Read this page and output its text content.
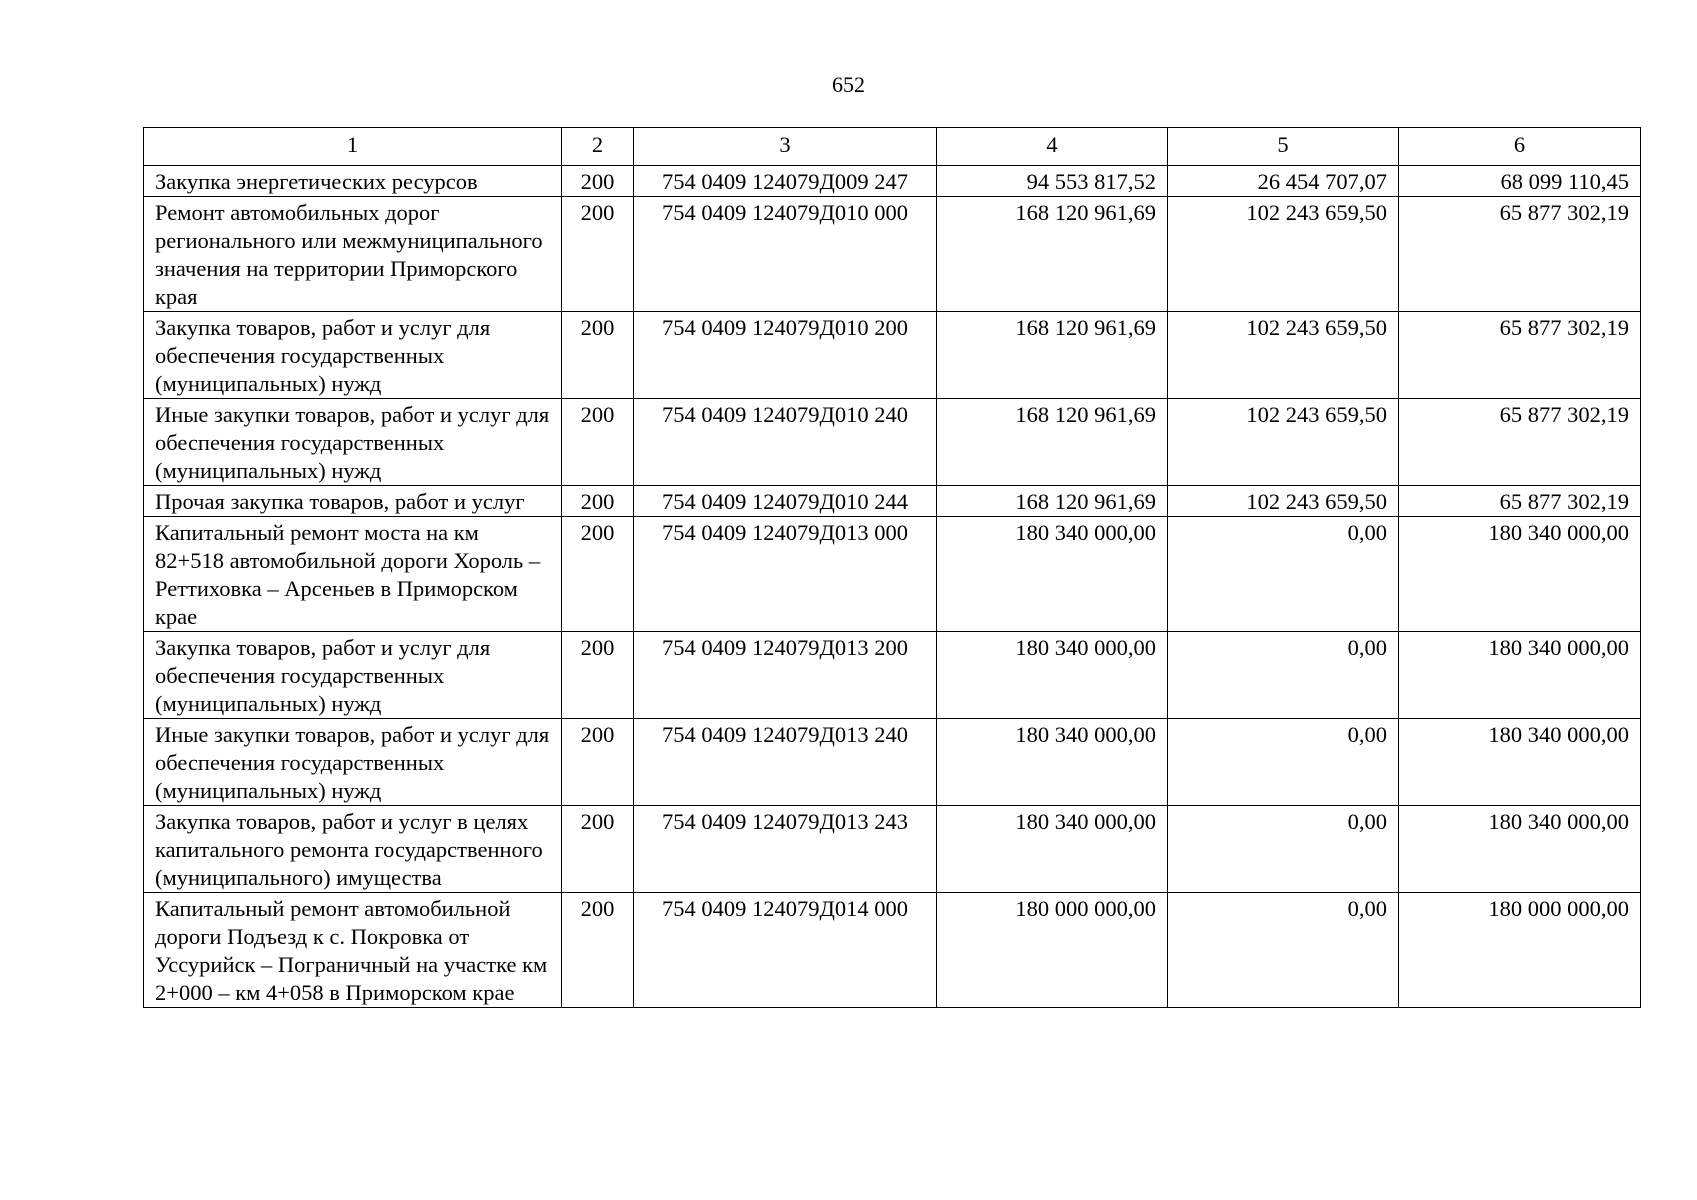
652
1	2	3	4	5	6
Закупка энергетических ресурсов	200	754 0409 124079Д009 247	94 553 817,52	26 454 707,07	68 099 110,45
Ремонт автомобильных дорог регионального или межмуниципального значения на территории Приморского края	200	754 0409 124079Д010 000	168 120 961,69	102 243 659,50	65 877 302,19
Закупка товаров, работ и услуг для обеспечения государственных (муниципальных) нужд	200	754 0409 124079Д010 200	168 120 961,69	102 243 659,50	65 877 302,19
Иные закупки товаров, работ и услуг для обеспечения государственных (муниципальных) нужд	200	754 0409 124079Д010 240	168 120 961,69	102 243 659,50	65 877 302,19
Прочая закупка товаров, работ и услуг	200	754 0409 124079Д010 244	168 120 961,69	102 243 659,50	65 877 302,19
Капитальный ремонт моста на км 82+518 автомобильной дороги Хороль – Реттиховка – Арсеньев в Приморском крае	200	754 0409 124079Д013 000	180 340 000,00	0,00	180 340 000,00
Закупка товаров, работ и услуг для обеспечения государственных (муниципальных) нужд	200	754 0409 124079Д013 200	180 340 000,00	0,00	180 340 000,00
Иные закупки товаров, работ и услуг для обеспечения государственных (муниципальных) нужд	200	754 0409 124079Д013 240	180 340 000,00	0,00	180 340 000,00
Закупка товаров, работ и услуг в целях капитального ремонта государственного (муниципального) имущества	200	754 0409 124079Д013 243	180 340 000,00	0,00	180 340 000,00
Капитальный ремонт автомобильной дороги Подъезд к с. Покровка от Уссурийск – Пограничный на участке км 2+000 – км 4+058 в Приморском крае	200	754 0409 124079Д014 000	180 000 000,00	0,00	180 000 000,00
